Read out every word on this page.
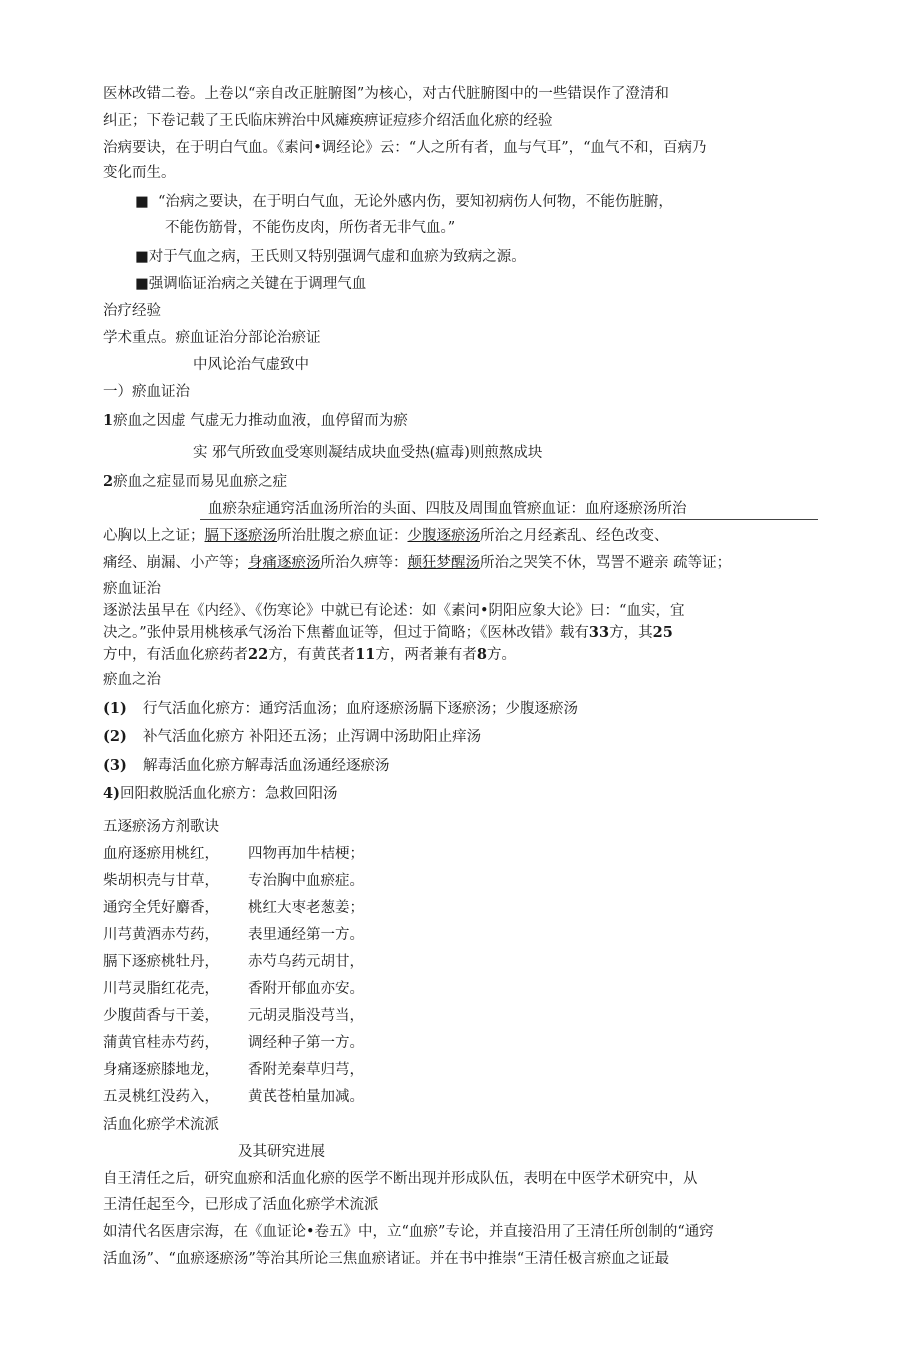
医林改错二卷。上卷以“亲自改正脏腑图”为核心，对古代脏腑图中的一些错误作了澄清和
纠正；下卷记载了王氏临床辨治中风瘫痪痹证痘疹介绍活血化瘀的经验
治病要诀，在于明白气血。《素问•调经论》云：“人之所有者，血与气耳”，“血气不和，百病乃
变化而生。
■ “治病之要诀，在于明白气血，无论外感内伤，要知初病伤人何物，不能伤脏腑，
不能伤筋骨，不能伤皮肉，所伤者无非气血。”
■对于气血之病，王氏则又特别强调气虚和血瘀为致病之源。
■强调临证治病之关键在于调理气血
治疗经验
学术重点。瘀血证治分部论治瘀证
中风论治气虚致中
一）瘀血证治
1瘀血之因虚 气虚无力推动血液，血停留而为瘀
实 邪气所致血受寒则凝结成块血受热(瘟毒)则煎熬成块
2瘀血之症显而易见血瘀之症
血瘀杂症通窍活血汤所治的头面、四肢及周围血管瘀血证：血府逐瘀汤所治
心胸以上之证；膈下逐瘀汤所治肚腹之瘀血证：少腹逐瘀汤所治之月经紊乱、经色改变、
痛经、崩漏、小产等；身痛逐瘀汤所治久痹等：颠狂梦醒汤所治之哭笑不休，骂詈不避亲 疏等证；
瘀血证治
逐淤法虽早在《内经》、《伤寒论》中就已有论述：如《素问•阴阳应象大论》曰：“血实，宜
决之。”张仲景用桃核承气汤治下焦蓄血证等，但过于简略；《医林改错》载有33方，其25
方中，有活血化瘀药者22方，有黄芪者11方，两者兼有者8方。
瘀血之治
(1) 行气活血化瘀方：通窍活血汤；血府逐瘀汤膈下逐瘀汤；少腹逐瘀汤
(2) 补气活血化瘀方 补阳还五汤；止泻调中汤助阳止痒汤
(3) 解毒活血化瘀方解毒活血汤通经逐瘀汤
4)回阳救脱活血化瘀方：急救回阳汤
五逐瘀汤方剂歌诀
血府逐瘀用桃红， 四物再加牛桔梗；
柴胡枳壳与甘草， 专治胸中血瘀症。
通窍全凭好麝香， 桃红大枣老葱姜；
川芎黄酒赤芍药， 表里通经第一方。
膈下逐瘀桃牡丹， 赤芍乌药元胡甘，
川芎灵脂红花壳， 香附开郁血亦安。
少腹茴香与干姜， 元胡灵脂没芎当，
蒲黄官桂赤芍药， 调经种子第一方。
身痛逐瘀膝地龙， 香附羌秦草归芎，
五灵桃红没药入， 黄芪苍柏量加减。
活血化瘀学术流派
及其研究进展
自王清任之后，研究血瘀和活血化瘀的医学不断出现并形成队伍，表明在中医学术研究中，从
王清任起至今，已形成了活血化瘀学术流派
如清代名医唐宗海，在《血证论•卷五》中，立“血瘀”专论，并直接沿用了王清任所创制的“通窍
活血汤”、“血瘀逐瘀汤”等治其所论三焦血瘀诸证。并在书中推崇“王清任极言瘀血之证最
